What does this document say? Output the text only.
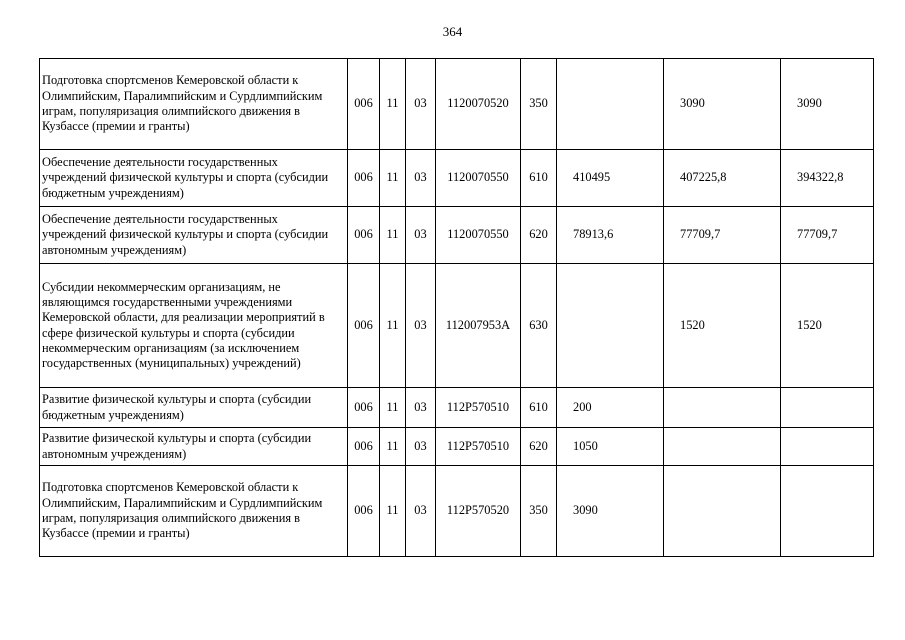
364
Подготовка спортсменов Кемеровской области к Олимпийским, Паралимпийским и Сурдлимпийским играм, популяризация олимпийского движения в Кузбассе (премии и гранты)	006	11	03	1120070520	350		3090	3090
Обеспечение деятельности государственных учреждений физической культуры и спорта (субсидии бюджетным учреждениям)	006	11	03	1120070550	610	410495	407225,8	394322,8
Обеспечение деятельности государственных учреждений физической культуры и спорта (субсидии автономным учреждениям)	006	11	03	1120070550	620	78913,6	77709,7	77709,7
Субсидии некоммерческим организациям, не являющимся государственными учреждениями Кемеровской области, для реализации мероприятий в сфере физической культуры и спорта (субсидии некоммерческим организациям (за исключением государственных (муниципальных) учреждений)	006	11	03	112007953А	630		1520	1520
Развитие физической культуры и спорта (субсидии бюджетным учреждениям)	006	11	03	112P570510	610	200		
Развитие физической культуры и спорта (субсидии автономным учреждениям)	006	11	03	112P570510	620	1050		
Подготовка спортсменов Кемеровской области к Олимпийским, Паралимпийским и Сурдлимпийским играм, популяризация олимпийского движения в Кузбассе (премии и гранты)	006	11	03	112P570520	350	3090		
